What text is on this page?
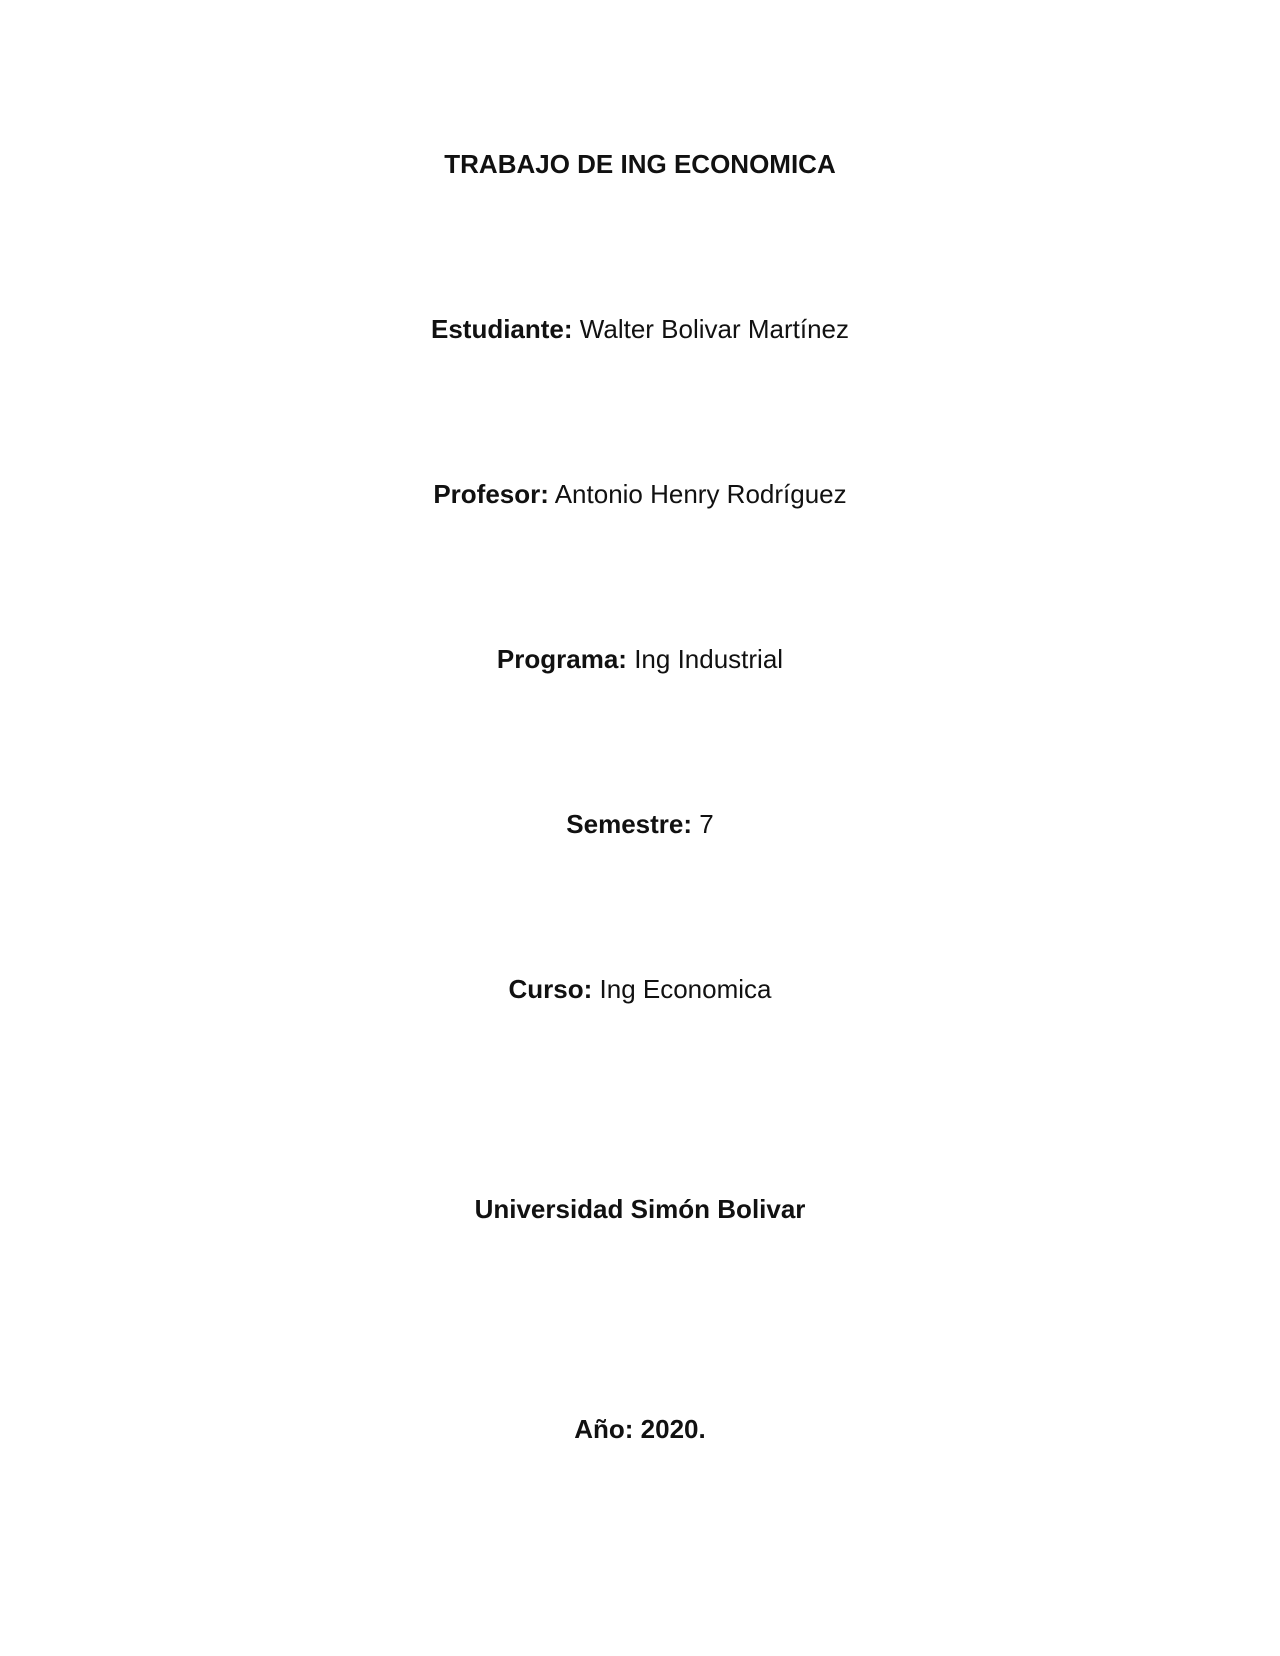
TRABAJO DE ING ECONOMICA
Estudiante: Walter Bolivar Martínez
Profesor: Antonio Henry Rodríguez
Programa: Ing Industrial
Semestre: 7
Curso: Ing Economica
Universidad Simón Bolivar
Año: 2020.
